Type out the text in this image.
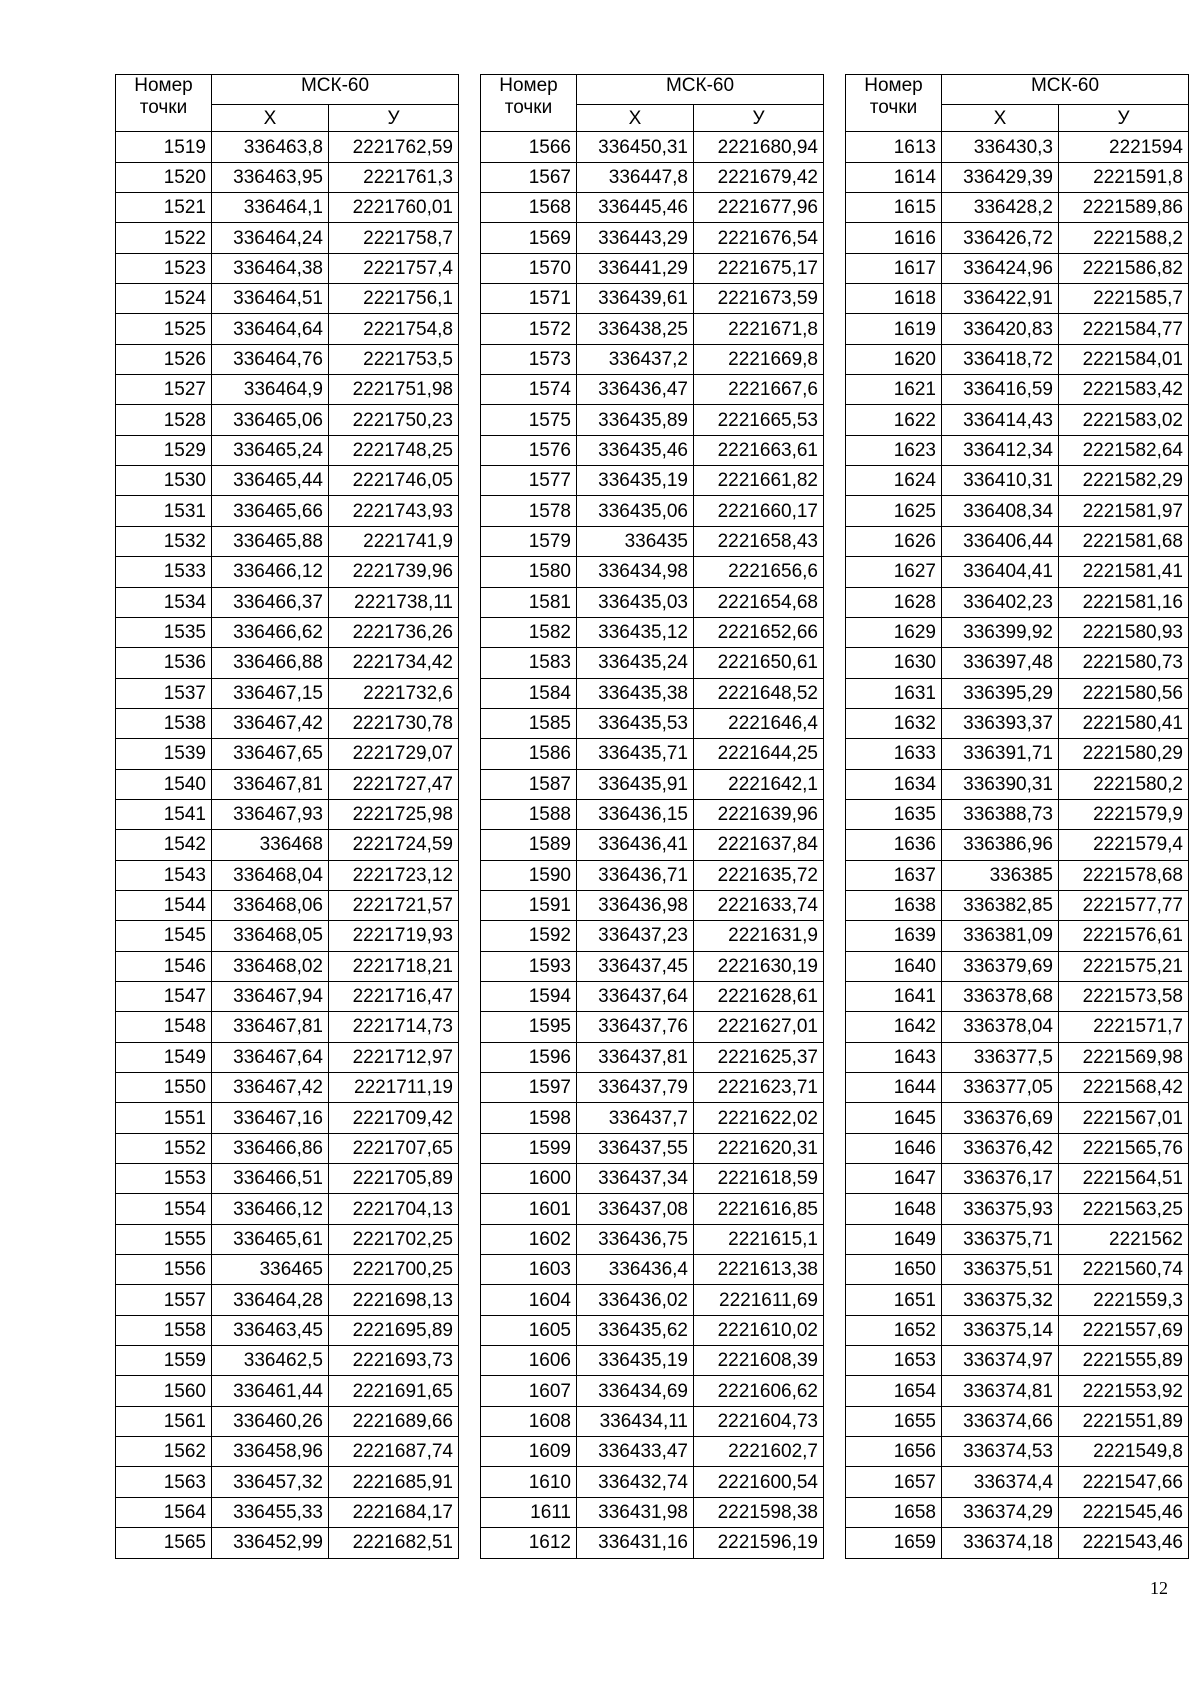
Номер точки	МСК-60	
	Х	У
1519	336463,8	2221762,59
1520	336463,95	2221761,3
1521	336464,1	2221760,01
1522	336464,24	2221758,7
1523	336464,38	2221757,4
1524	336464,51	2221756,1
1525	336464,64	2221754,8
1526	336464,76	2221753,5
1527	336464,9	2221751,98
1528	336465,06	2221750,23
1529	336465,24	2221748,25
1530	336465,44	2221746,05
1531	336465,66	2221743,93
1532	336465,88	2221741,9
1533	336466,12	2221739,96
1534	336466,37	2221738,11
1535	336466,62	2221736,26
1536	336466,88	2221734,42
1537	336467,15	2221732,6
1538	336467,42	2221730,78
1539	336467,65	2221729,07
1540	336467,81	2221727,47
1541	336467,93	2221725,98
1542	336468	2221724,59
1543	336468,04	2221723,12
1544	336468,06	2221721,57
1545	336468,05	2221719,93
1546	336468,02	2221718,21
1547	336467,94	2221716,47
1548	336467,81	2221714,73
1549	336467,64	2221712,97
1550	336467,42	2221711,19
1551	336467,16	2221709,42
1552	336466,86	2221707,65
1553	336466,51	2221705,89
1554	336466,12	2221704,13
1555	336465,61	2221702,25
1556	336465	2221700,25
1557	336464,28	2221698,13
1558	336463,45	2221695,89
1559	336462,5	2221693,73
1560	336461,44	2221691,65
1561	336460,26	2221689,66
1562	336458,96	2221687,74
1563	336457,32	2221685,91
1564	336455,33	2221684,17
1565	336452,99	2221682,51
Номер точки	МСК-60	
	Х	У
1566	336450,31	2221680,94
1567	336447,8	2221679,42
1568	336445,46	2221677,96
1569	336443,29	2221676,54
1570	336441,29	2221675,17
1571	336439,61	2221673,59
1572	336438,25	2221671,8
1573	336437,2	2221669,8
1574	336436,47	2221667,6
1575	336435,89	2221665,53
1576	336435,46	2221663,61
1577	336435,19	2221661,82
1578	336435,06	2221660,17
1579	336435	2221658,43
1580	336434,98	2221656,6
1581	336435,03	2221654,68
1582	336435,12	2221652,66
1583	336435,24	2221650,61
1584	336435,38	2221648,52
1585	336435,53	2221646,4
1586	336435,71	2221644,25
1587	336435,91	2221642,1
1588	336436,15	2221639,96
1589	336436,41	2221637,84
1590	336436,71	2221635,72
1591	336436,98	2221633,74
1592	336437,23	2221631,9
1593	336437,45	2221630,19
1594	336437,64	2221628,61
1595	336437,76	2221627,01
1596	336437,81	2221625,37
1597	336437,79	2221623,71
1598	336437,7	2221622,02
1599	336437,55	2221620,31
1600	336437,34	2221618,59
1601	336437,08	2221616,85
1602	336436,75	2221615,1
1603	336436,4	2221613,38
1604	336436,02	2221611,69
1605	336435,62	2221610,02
1606	336435,19	2221608,39
1607	336434,69	2221606,62
1608	336434,11	2221604,73
1609	336433,47	2221602,7
1610	336432,74	2221600,54
1611	336431,98	2221598,38
1612	336431,16	2221596,19
Номер точки	МСК-60	
	Х	У
1613	336430,3	2221594
1614	336429,39	2221591,8
1615	336428,2	2221589,86
1616	336426,72	2221588,2
1617	336424,96	2221586,82
1618	336422,91	2221585,7
1619	336420,83	2221584,77
1620	336418,72	2221584,01
1621	336416,59	2221583,42
1622	336414,43	2221583,02
1623	336412,34	2221582,64
1624	336410,31	2221582,29
1625	336408,34	2221581,97
1626	336406,44	2221581,68
1627	336404,41	2221581,41
1628	336402,23	2221581,16
1629	336399,92	2221580,93
1630	336397,48	2221580,73
1631	336395,29	2221580,56
1632	336393,37	2221580,41
1633	336391,71	2221580,29
1634	336390,31	2221580,2
1635	336388,73	2221579,9
1636	336386,96	2221579,4
1637	336385	2221578,68
1638	336382,85	2221577,77
1639	336381,09	2221576,61
1640	336379,69	2221575,21
1641	336378,68	2221573,58
1642	336378,04	2221571,7
1643	336377,5	2221569,98
1644	336377,05	2221568,42
1645	336376,69	2221567,01
1646	336376,42	2221565,76
1647	336376,17	2221564,51
1648	336375,93	2221563,25
1649	336375,71	2221562
1650	336375,51	2221560,74
1651	336375,32	2221559,3
1652	336375,14	2221557,69
1653	336374,97	2221555,89
1654	336374,81	2221553,92
1655	336374,66	2221551,89
1656	336374,53	2221549,8
1657	336374,4	2221547,66
1658	336374,29	2221545,46
1659	336374,18	2221543,46
12
